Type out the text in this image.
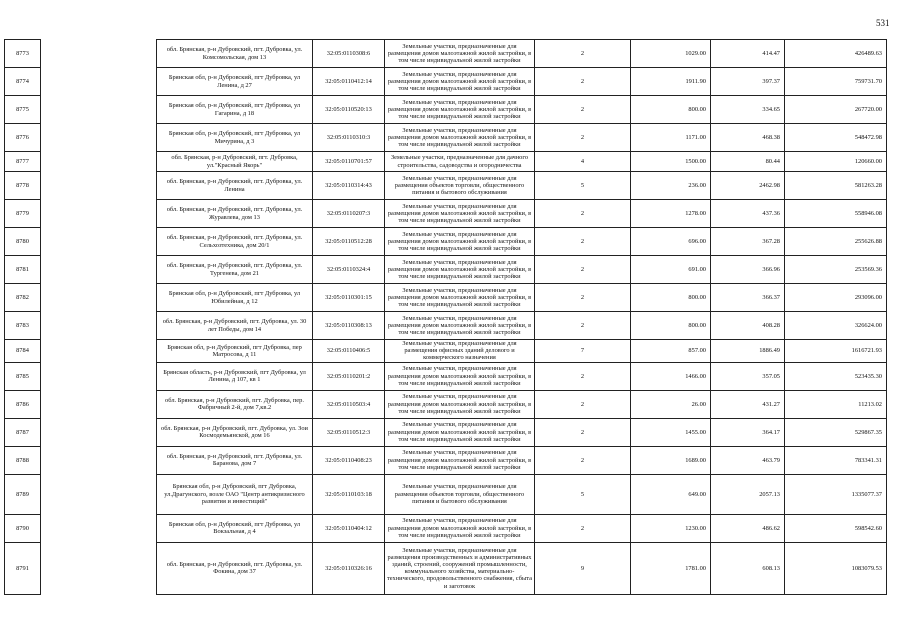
531
8773		обл. Брянская, р-н Дубровский, пгт. Дубровка, ул. Комсомольская, дом 13	32:05:0110308:6	Земельные участки, предназначенные для размещения домов малоэтажной жилой застройки, в том числе индивидуальной жилой застройки	2	1029.00	414.47	426489.63
8774		Брянская обл, р-н Дубровский, пгт Дубровка, ул Ленина, д 27	32:05:0110412:14	Земельные участки, предназначенные для размещения домов малоэтажной жилой застройки, в том числе индивидуальной жилой застройки	2	1911.90	397.37	759731.70
8775		Брянская обл, р-н Дубровский, пгт Дубровка, ул Гагарина, д 18	32:05:0110520:13	Земельные участки, предназначенные для размещения домов малоэтажной жилой застройки, в том числе индивидуальной жилой застройки	2	800.00	334.65	267720.00
8776		Брянская обл, р-н Дубровский, пгт Дубровка, ул Мичурина, д 3	32:05:0110310:3	Земельные участки, предназначенные для размещения домов малоэтажной жилой застройки, в том числе индивидуальной жилой застройки	2	1171.00	468.38	548472.98
8777		обл. Брянская, р-н Дубровский, пгт. Дубровка, ул."Красный Якорь"	32:05:0110701:57	Земельные участки, предназначенные для дачного строительства, садоводства и огородничества	4	1500.00	80.44	120660.00
8778		обл. Брянская, р-н Дубровский, пгт. Дубровка, ул. Ленина	32:05:0110314:43	Земельные участки, предназначенные для размещения объектов торговли, общественного питания и бытового обслуживания	5	236.00	2462.98	581263.28
8779		обл. Брянская, р-н Дубровский, пгт. Дубровка, ул. Журавлева, дом 13	32:05:0110207:3	Земельные участки, предназначенные для размещения домов малоэтажной жилой застройки, в том числе индивидуальной жилой застройки	2	1278.00	437.36	558946.08
8780		обл. Брянская, р-н Дубровский, пгт. Дубровка, ул. Сельхозтехника, дом 20/1	32:05:0110512:28	Земельные участки, предназначенные для размещения домов малоэтажной жилой застройки, в том числе индивидуальной жилой застройки	2	696.00	367.28	255626.88
8781		обл. Брянская, р-н Дубровский, пгт. Дубровка, ул. Тургенева, дом 21	32:05:0110324:4	Земельные участки, предназначенные для размещения домов малоэтажной жилой застройки, в том числе индивидуальной жилой застройки	2	691.00	366.96	253569.36
8782		Брянская обл, р-н Дубровский, пгт Дубровка, ул Юбилейная, д 12	32:05:0110301:15	Земельные участки, предназначенные для размещения домов малоэтажной жилой застройки, в том числе индивидуальной жилой застройки	2	800.00	366.37	293096.00
8783		обл. Брянская, р-н Дубровский, пгт. Дубровка, ул. 30 лет Победы, дом 14	32:05:0110308:13	Земельные участки, предназначенные для размещения домов малоэтажной жилой застройки, в том числе индивидуальной жилой застройки	2	800.00	408.28	326624.00
8784		Брянская обл, р-н Дубровский, пгт Дубровка, пер Матросова, д 11	32:05:0110406:5	Земельные участки, предназначенные для размещения офисных зданий делового и коммерческого назначения	7	857.00	1886.49	1616721.93
8785		Брянская область, р-н Дубровский, пгт Дубровка, ул Ленина, д 107, кв 1	32:05:0110201:2	Земельные участки, предназначенные для размещения домов малоэтажной жилой застройки, в том числе индивидуальной жилой застройки	2	1466.00	357.05	523435.30
8786		обл. Брянская, р-н Дубровский, пгт. Дубровка, пер. Фабричный 2-й, дом 7,кв.2	32:05:0110503:4	Земельные участки, предназначенные для размещения домов малоэтажной жилой застройки, в том числе индивидуальной жилой застройки	2	26.00	431.27	11213.02
8787		обл. Брянская, р-н Дубровский, пгт. Дубровка, ул. Зои Космодемьянской, дом 16	32:05:0110512:3	Земельные участки, предназначенные для размещения домов малоэтажной жилой застройки, в том числе индивидуальной жилой застройки	2	1455.00	364.17	529867.35
8788		обл. Брянская, р-н Дубровский, пгт. Дубровка, ул. Баранова, дом 7	32:05:0110408:23	Земельные участки, предназначенные для размещения домов малоэтажной жилой застройки, в том числе индивидуальной жилой застройки	2	1689.00	463.79	783341.31
8789		Брянская обл, р-н Дубровский, пгт Дубровка, ул.Драгунского, возле ОАО "Центр антикризисного развития и инвестиций"	32:05:0110103:18	Земельные участки, предназначенные для размещения объектов торговли, общественного питания и бытового обслуживания	5	649.00	2057.13	1335077.37
8790		Брянская обл, р-н Дубровский, пгт Дубровка, ул Вокзальная, д 4	32:05:0110404:12	Земельные участки, предназначенные для размещения домов малоэтажной жилой застройки, в том числе индивидуальной жилой застройки	2	1230.00	486.62	598542.60
8791		обл. Брянская, р-н Дубровский, пгт. Дубровка, ул. Фокина, дом 37	32:05:0110326:16	Земельные участки, предназначенные для размещения производственных и административных зданий, строений, сооружений промышленности, коммунального хозяйства, материально-технического, продовольственного снабжения, сбыта и заготовок	9	1781.00	608.13	1083079.53
